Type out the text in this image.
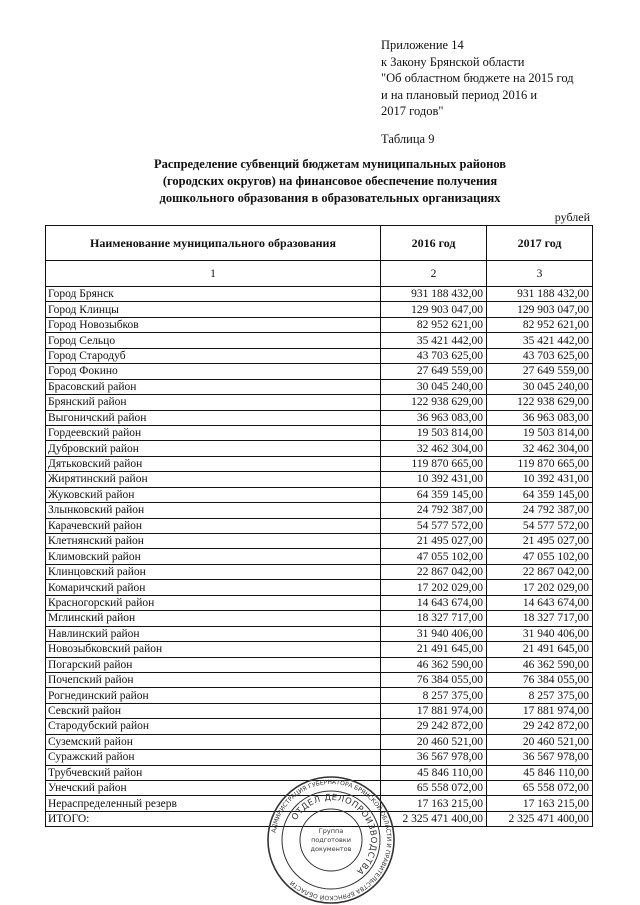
Приложение 14
к Закону Брянской области
"Об областном бюджете на 2015 год
и на плановый период 2016 и
2017 годов"
Таблица 9
Распределение субвенций бюджетам муниципальных районов
(городских округов) на финансовое обеспечение получения
дошкольного образования в образовательных организациях
рублей
Наименование муниципального образования	2016 год	2017 год
1	2	3
Город Брянск	931 188 432,00	931 188 432,00
Город Клинцы	129 903 047,00	129 903 047,00
Город Новозыбков	82 952 621,00	82 952 621,00
Город Сельцо	35 421 442,00	35 421 442,00
Город Стародуб	43 703 625,00	43 703 625,00
Город Фокино	27 649 559,00	27 649 559,00
Брасовский район	30 045 240,00	30 045 240,00
Брянский район	122 938 629,00	122 938 629,00
Выгоничский район	36 963 083,00	36 963 083,00
Гордеевский район	19 503 814,00	19 503 814,00
Дубровский район	32 462 304,00	32 462 304,00
Дятьковский район	119 870 665,00	119 870 665,00
Жирятинский район	10 392 431,00	10 392 431,00
Жуковский район	64 359 145,00	64 359 145,00
Злынковский район	24 792 387,00	24 792 387,00
Карачевский район	54 577 572,00	54 577 572,00
Клетнянский район	21 495 027,00	21 495 027,00
Климовский район	47 055 102,00	47 055 102,00
Клинцовский район	22 867 042,00	22 867 042,00
Комаричский район	17 202 029,00	17 202 029,00
Красногорский район	14 643 674,00	14 643 674,00
Мглинский район	18 327 717,00	18 327 717,00
Навлинский район	31 940 406,00	31 940 406,00
Новозыбковский район	21 491 645,00	21 491 645,00
Погарский район	46 362 590,00	46 362 590,00
Почепский район	76 384 055,00	76 384 055,00
Рогнединский район	8 257 375,00	8 257 375,00
Севский район	17 881 974,00	17 881 974,00
Стародубский район	29 242 872,00	29 242 872,00
Суземский район	20 460 521,00	20 460 521,00
Суражский район	36 567 978,00	36 567 978,00
Трубчевский район	45 846 110,00	45 846 110,00
Унечский район	65 558 072,00	65 558 072,00
Нераспределенный резерв	17 163 215,00	17 163 215,00
ИТОГО:	2 325 471 400,00	2 325 471 400,00
АДМИНИСТРАЦИЯ ГУБЕРНАТОРА БРЯНСКОЙ ОБЛАСТИ И ПРАВИТЕЛЬСТВА БРЯНСКОЙ ОБЛАСТИ
ОТДЕЛ ДЕЛОПРОИЗВОДСТВА
Группа
подготовки
документов
